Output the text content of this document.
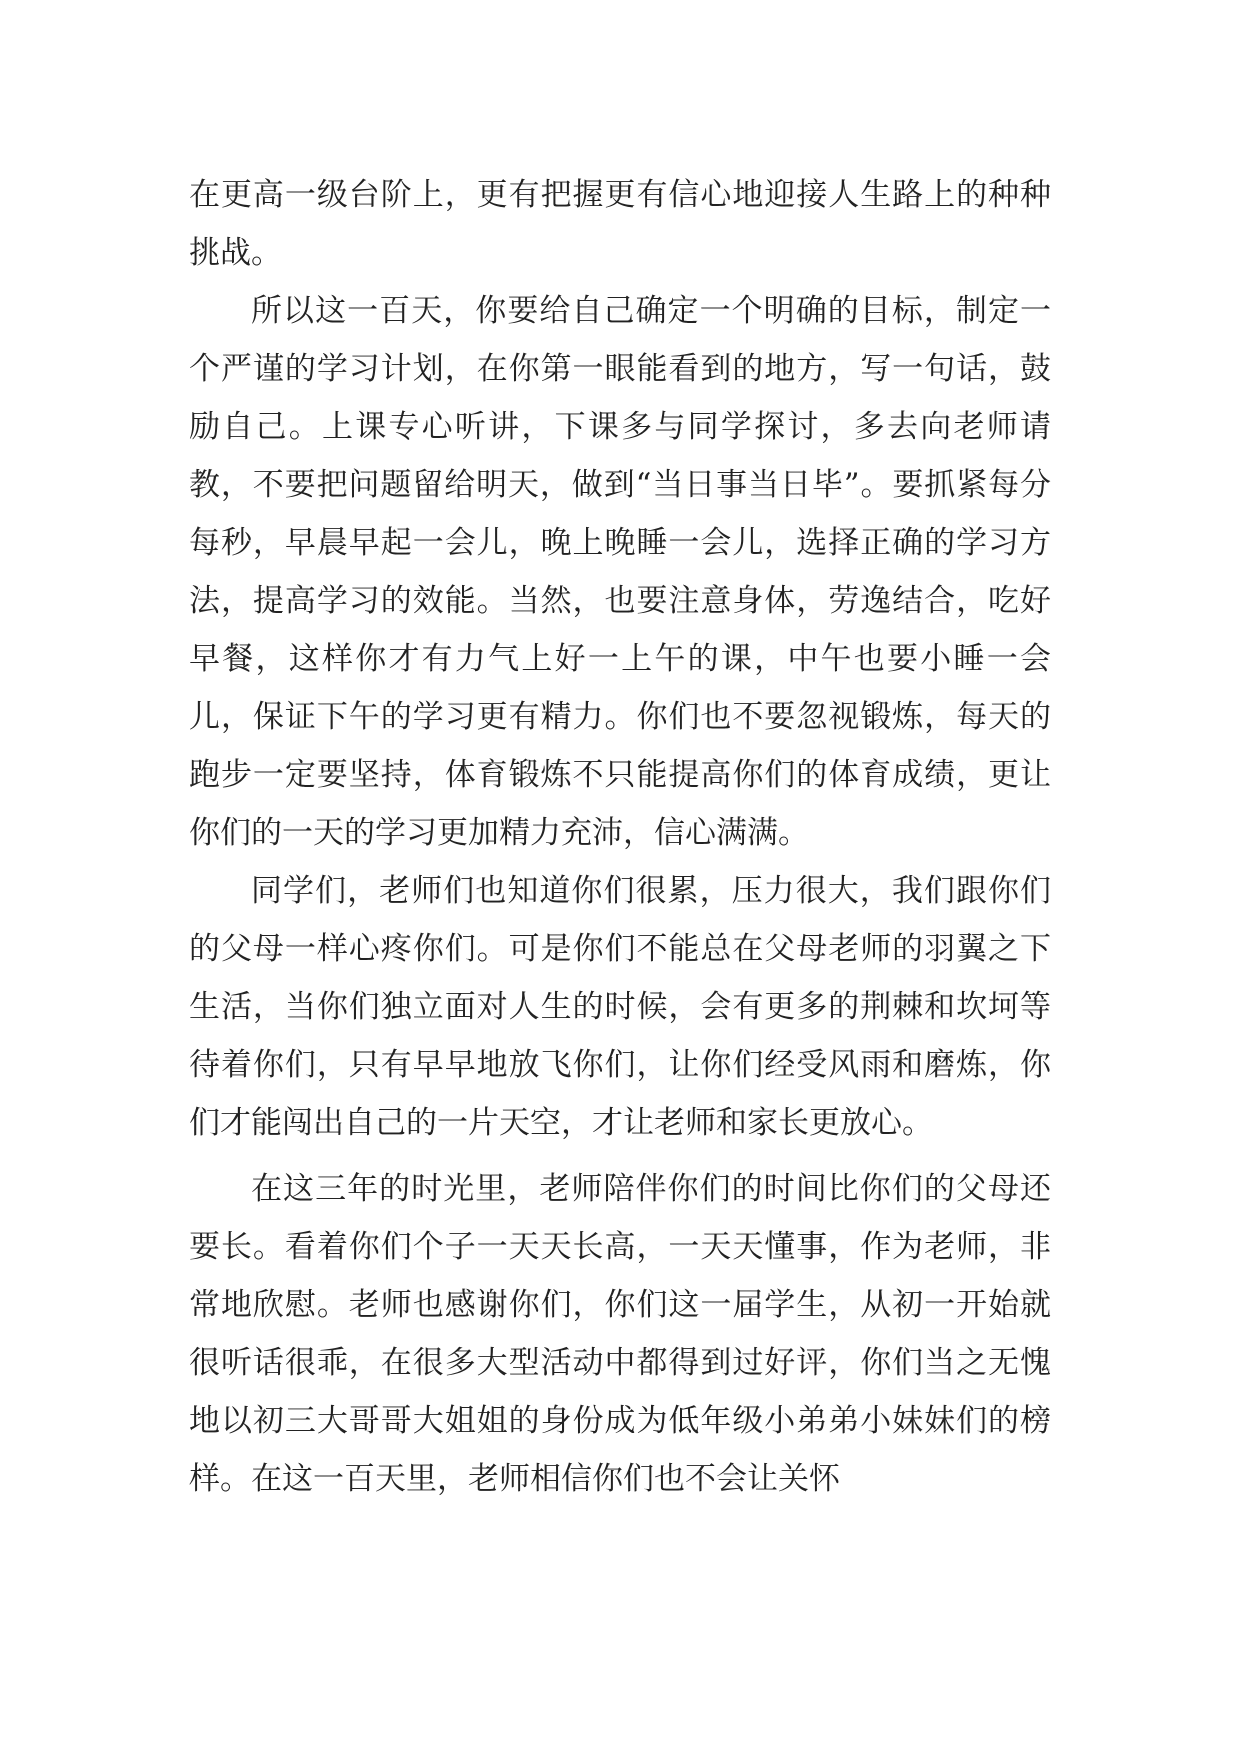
在更高一级台阶上，更有把握更有信心地迎接人生路上的种种挑战。

所以这一百天，你要给自己确定一个明确的目标，制定一个严谨的学习计划，在你第一眼能看到的地方，写一句话，鼓励自己。上课专心听讲，下课多与同学探讨，多去向老师请教，不要把问题留给明天，做到“当日事当日毕”。要抓紧每分每秒，早晨早起一会儿，晚上晚睡一会儿，选择正确的学习方法，提高学习的效能。当然，也要注意身体，劳逸结合，吃好早餐，这样你才有力气上好一上午的课，中午也要小睡一会儿，保证下午的学习更有精力。你们也不要忽视锻炼，每天的跑步一定要坚持，体育锻炼不只能提高你们的体育成绩，更让你们的一天的学习更加精力充沛，信心满满。

同学们，老师们也知道你们很累，压力很大，我们跟你们的父母一样心疼你们。可是你们不能总在父母老师的羽翼之下生活，当你们独立面对人生的时候，会有更多的荆棘和坎坷等待着你们，只有早早地放飞你们，让你们经受风雨和磨炼，你们才能闯出自己的一片天空，才让老师和家长更放心。

在这三年的时光里，老师陪伴你们的时间比你们的父母还要长。看着你们个子一天天长高，一天天懂事，作为老师，非常地欣慰。老师也感谢你们，你们这一届学生，从初一开始就很听话很乖，在很多大型活动中都得到过好评，你们当之无愧地以初三大哥哥大姐姐的身份成为低年级小弟弟小妹妹们的榜样。在这一百天里，老师相信你们也不会让关怀
